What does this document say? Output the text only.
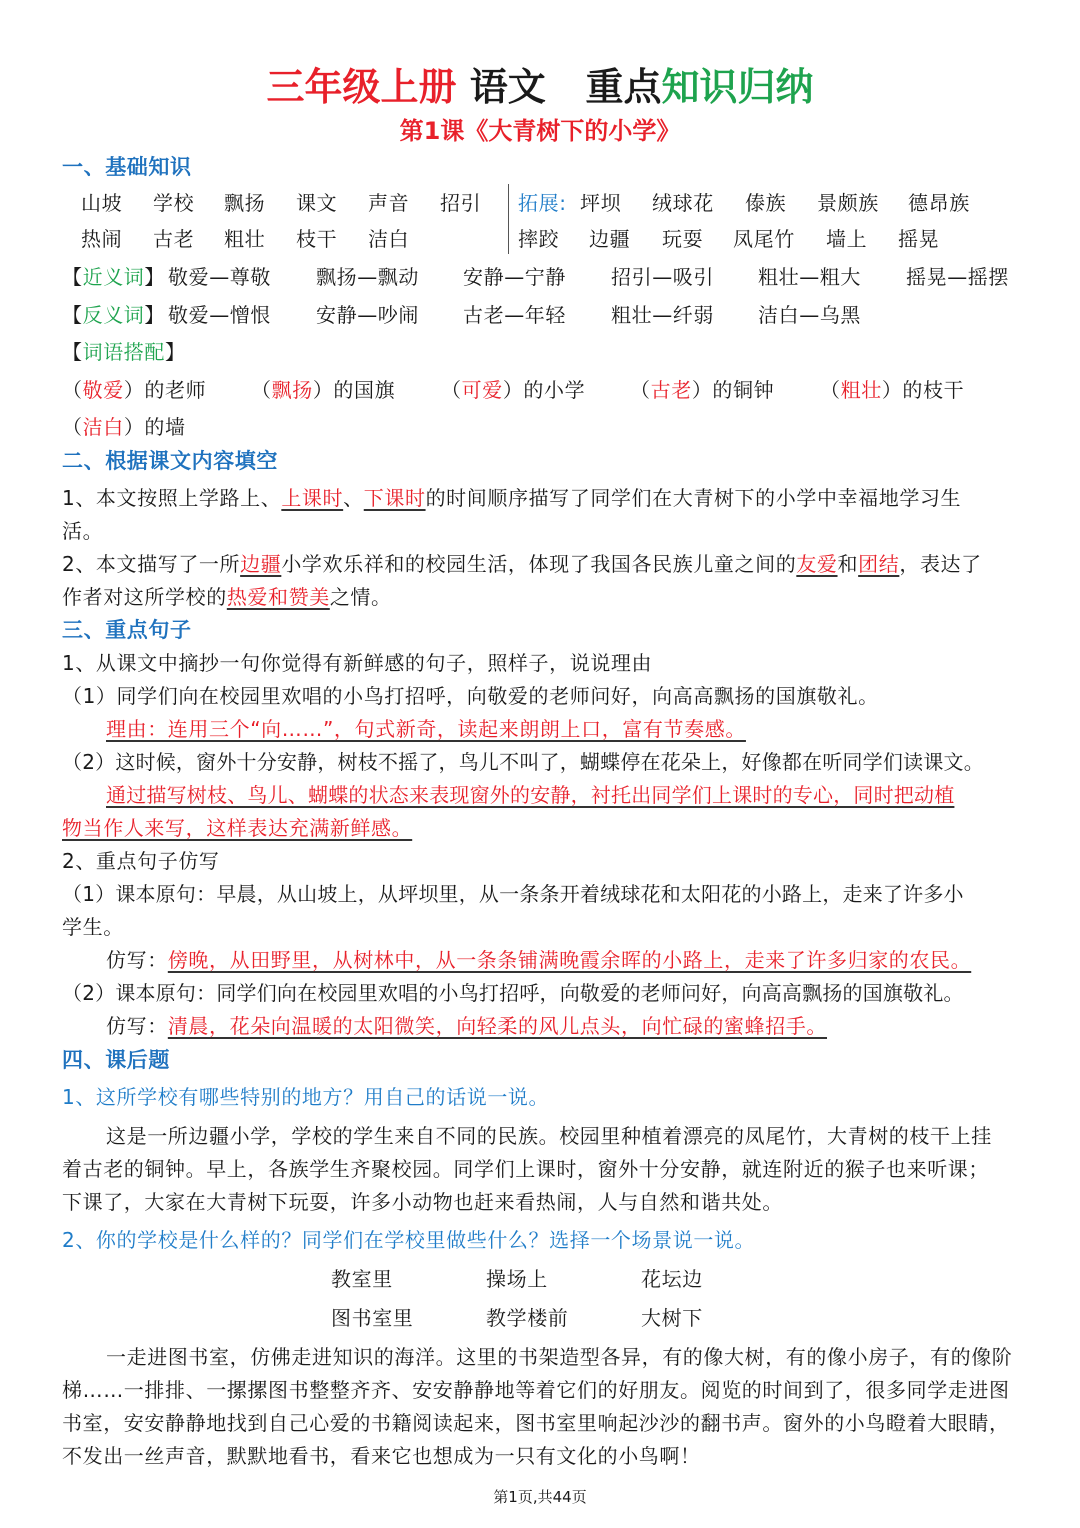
三年级上册 语文 重点知识归纳
第1课《大青树下的小学》
一、基础知识
山坡 学校 飘扬 课文 声音 招引
热闹 古老 粗壮 枝干 洁白
拓展: 坪坝 绒球花 傣族 景颇族 德昂族
摔跤 边疆 玩耍 凤尾竹 墙上 摇晃
【近义词】 敬爱—尊敬 飘扬—飘动 安静—宁静 招引—吸引 粗壮—粗大 摇晃—摇摆
【反义词】 敬爱—憎恨 安静—吵闹 古老—年轻 粗壮—纤弱 洁白—乌黑
【词语搭配】
（敬爱）的老师 （飘扬）的国旗 （可爱）的小学 （古老）的铜钟 （粗壮）的枝干
（洁白）的墙
二、根据课文内容填空
1、本文按照上学路上、上课时、下课时的时间顺序描写了同学们在大青树下的小学中幸福地学习生
活。
2、本文描写了一所边疆小学欢乐祥和的校园生活，体现了我国各民族儿童之间的友爱和团结，表达了
作者对这所学校的热爱和赞美之情。
三、重点句子
1、从课文中摘抄一句你觉得有新鲜感的句子，照样子，说说理由
（1）同学们向在校园里欢唱的小鸟打招呼，向敬爱的老师问好，向高高飘扬的国旗敬礼。
理由：连用三个“向……”，句式新奇，读起来朗朗上口，富有节奏感。
（2）这时候，窗外十分安静，树枝不摇了，鸟儿不叫了，蝴蝶停在花朵上，好像都在听同学们读课文。
通过描写树枝、鸟儿、蝴蝶的状态来表现窗外的安静，衬托出同学们上课时的专心，同时把动植
物当作人来写，这样表达充满新鲜感。
2、重点句子仿写
（1）课本原句：早晨，从山坡上，从坪坝里，从一条条开着绒球花和太阳花的小路上，走来了许多小
学生。
仿写：傍晚，从田野里，从树林中，从一条条铺满晚霞余晖的小路上，走来了许多归家的农民。
（2）课本原句：同学们向在校园里欢唱的小鸟打招呼，向敬爱的老师问好，向高高飘扬的国旗敬礼。
仿写：清晨，花朵向温暖的太阳微笑，向轻柔的风儿点头，向忙碌的蜜蜂招手。
四、课后题
1、这所学校有哪些特别的地方？用自己的话说一说。
这是一所边疆小学，学校的学生来自不同的民族。校园里种植着漂亮的凤尾竹，大青树的枝干上挂
着古老的铜钟。早上，各族学生齐聚校园。同学们上课时，窗外十分安静，就连附近的猴子也来听课；
下课了，大家在大青树下玩耍，许多小动物也赶来看热闹，人与自然和谐共处。
2、你的学校是什么样的？同学们在学校里做些什么？选择一个场景说一说。
教室里	操场上	花坛边
图书室里	教学楼前	大树下
一走进图书室，仿佛走进知识的海洋。这里的书架造型各异，有的像大树，有的像小房子，有的像阶
梯……一排排、一摞摞图书整整齐齐、安安静静地等着它们的好朋友。阅览的时间到了，很多同学走进图
书室，安安静静地找到自己心爱的书籍阅读起来，图书室里响起沙沙的翻书声。窗外的小鸟瞪着大眼睛，
不发出一丝声音，默默地看书，看来它也想成为一只有文化的小鸟啊！
第1页,共44页
